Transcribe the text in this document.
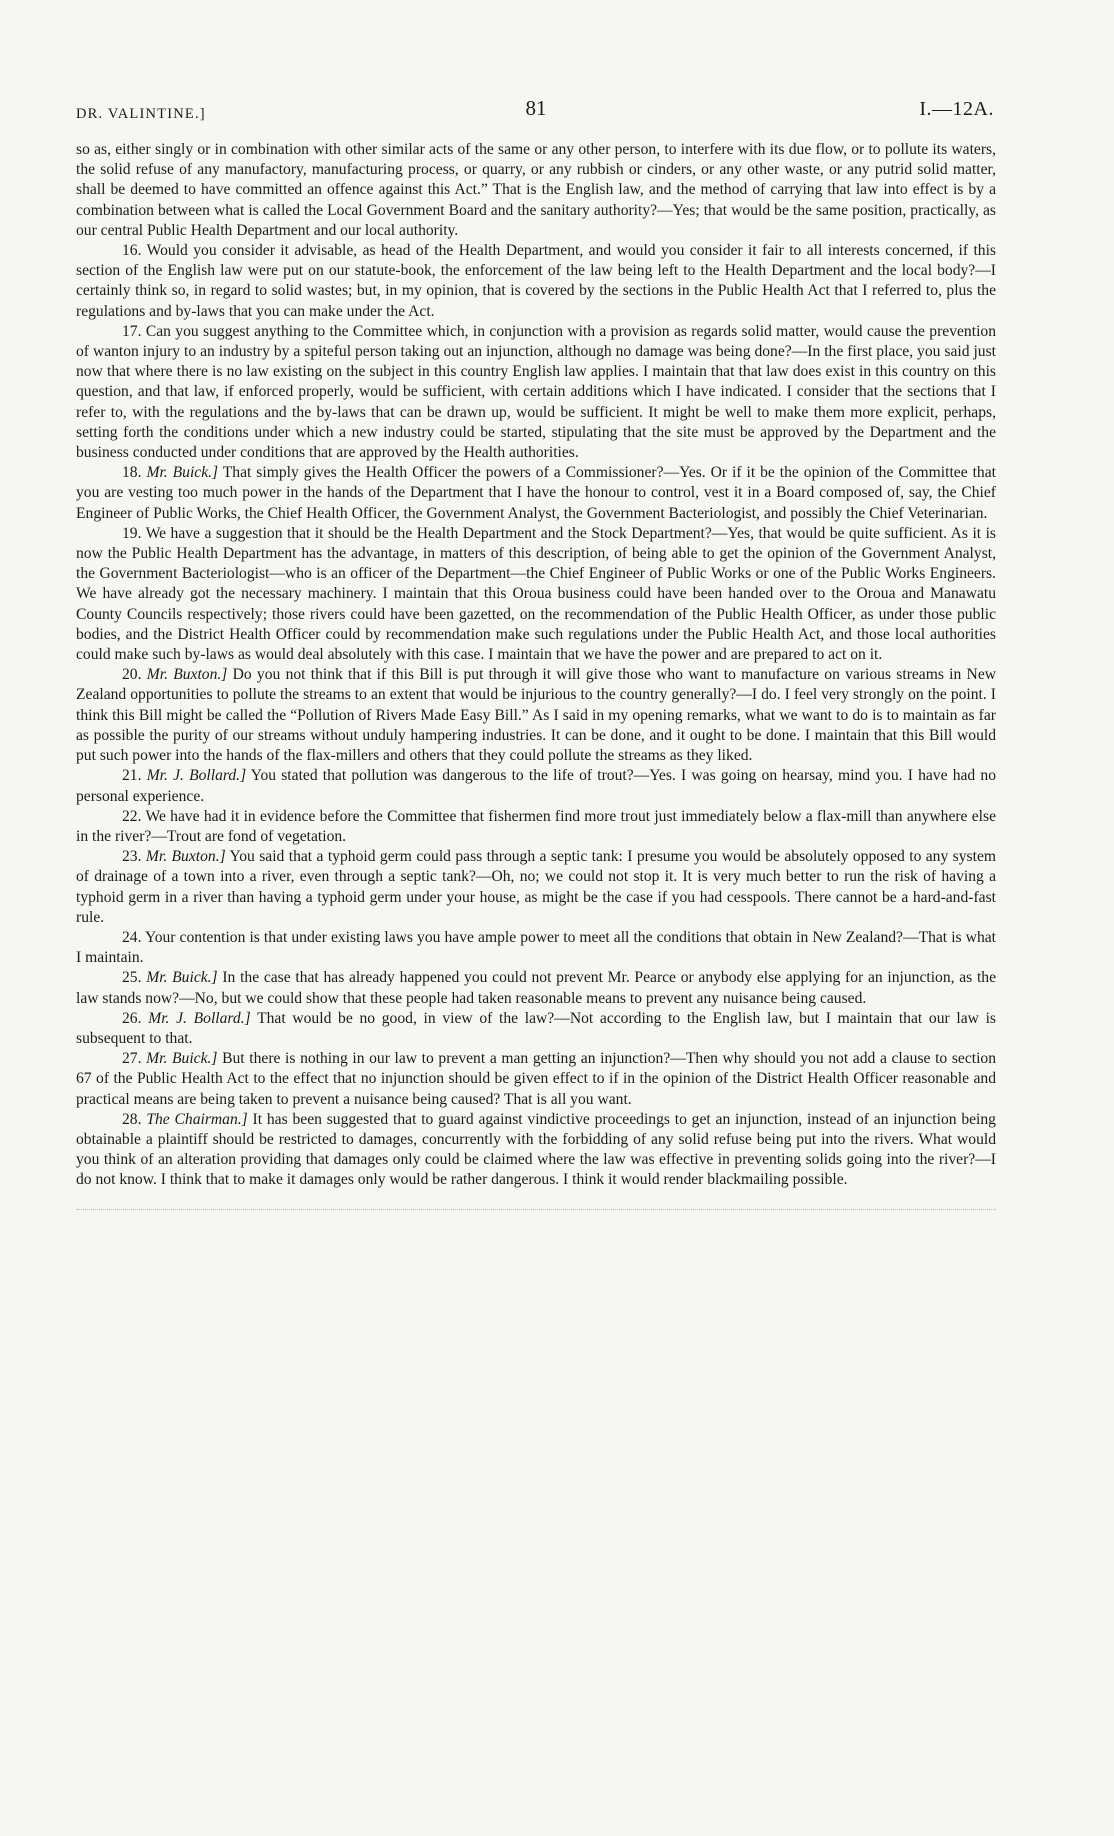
DR. VALINTINE.]	81	I.—12A.

so as, either singly or in combination with other similar acts of the same or any other person, to interfere with its due flow, or to pollute its waters, the solid refuse of any manufactory, manufacturing process, or quarry, or any rubbish or cinders, or any other waste, or any putrid solid matter, shall be deemed to have committed an offence against this Act.” That is the English law, and the method of carrying that law into effect is by a combination between what is called the Local Government Board and the sanitary authority?—Yes; that would be the same position, practically, as our central Public Health Department and our local authority.

16. Would you consider it advisable, as head of the Health Department, and would you consider it fair to all interests concerned, if this section of the English law were put on our statute-book, the enforcement of the law being left to the Health Department and the local body?—I certainly think so, in regard to solid wastes; but, in my opinion, that is covered by the sections in the Public Health Act that I referred to, plus the regulations and by-laws that you can make under the Act.

17. Can you suggest anything to the Committee which, in conjunction with a provision as regards solid matter, would cause the prevention of wanton injury to an industry by a spiteful person taking out an injunction, although no damage was being done?—In the first place, you said just now that where there is no law existing on the subject in this country English law applies. I maintain that that law does exist in this country on this question, and that law, if enforced properly, would be sufficient, with certain additions which I have indicated. I consider that the sections that I refer to, with the regulations and the by-laws that can be drawn up, would be sufficient. It might be well to make them more explicit, perhaps, setting forth the conditions under which a new industry could be started, stipulating that the site must be approved by the Department and the business conducted under conditions that are approved by the Health authorities.

18. Mr. Buick.] That simply gives the Health Officer the powers of a Commissioner?—Yes. Or if it be the opinion of the Committee that you are vesting too much power in the hands of the Department that I have the honour to control, vest it in a Board composed of, say, the Chief Engineer of Public Works, the Chief Health Officer, the Government Analyst, the Government Bacteriologist, and possibly the Chief Veterinarian.

19. We have a suggestion that it should be the Health Department and the Stock Department?—Yes, that would be quite sufficient. As it is now the Public Health Department has the advantage, in matters of this description, of being able to get the opinion of the Government Analyst, the Government Bacteriologist—who is an officer of the Department—the Chief Engineer of Public Works or one of the Public Works Engineers. We have already got the necessary machinery. I maintain that this Oroua business could have been handed over to the Oroua and Manawatu County Councils respectively; those rivers could have been gazetted, on the recommendation of the Public Health Officer, as under those public bodies, and the District Health Officer could by recommendation make such regulations under the Public Health Act, and those local authorities could make such by-laws as would deal absolutely with this case. I maintain that we have the power and are prepared to act on it.

20. Mr. Buxton.] Do you not think that if this Bill is put through it will give those who want to manufacture on various streams in New Zealand opportunities to pollute the streams to an extent that would be injurious to the country generally?—I do. I feel very strongly on the point. I think this Bill might be called the “Pollution of Rivers Made Easy Bill.” As I said in my opening remarks, what we want to do is to maintain as far as possible the purity of our streams without unduly hampering industries. It can be done, and it ought to be done. I maintain that this Bill would put such power into the hands of the flax-millers and others that they could pollute the streams as they liked.

21. Mr. J. Bollard.] You stated that pollution was dangerous to the life of trout?—Yes. I was going on hearsay, mind you. I have had no personal experience.

22. We have had it in evidence before the Committee that fishermen find more trout just immediately below a flax-mill than anywhere else in the river?—Trout are fond of vegetation.

23. Mr. Buxton.] You said that a typhoid germ could pass through a septic tank: I presume you would be absolutely opposed to any system of drainage of a town into a river, even through a septic tank?—Oh, no; we could not stop it. It is very much better to run the risk of having a typhoid germ in a river than having a typhoid germ under your house, as might be the case if you had cesspools. There cannot be a hard-and-fast rule.

24. Your contention is that under existing laws you have ample power to meet all the conditions that obtain in New Zealand?—That is what I maintain.

25. Mr. Buick.] In the case that has already happened you could not prevent Mr. Pearce or anybody else applying for an injunction, as the law stands now?—No, but we could show that these people had taken reasonable means to prevent any nuisance being caused.

26. Mr. J. Bollard.] That would be no good, in view of the law?—Not according to the English law, but I maintain that our law is subsequent to that.

27. Mr. Buick.] But there is nothing in our law to prevent a man getting an injunction?—Then why should you not add a clause to section 67 of the Public Health Act to the effect that no injunction should be given effect to if in the opinion of the District Health Officer reasonable and practical means are being taken to prevent a nuisance being caused? That is all you want.

28. The Chairman.] It has been suggested that to guard against vindictive proceedings to get an injunction, instead of an injunction being obtainable a plaintiff should be restricted to damages, concurrently with the forbidding of any solid refuse being put into the rivers. What would you think of an alteration providing that damages only could be claimed where the law was effective in preventing solids going into the river?—I do not know. I think that to make it damages only would be rather dangerous. I think it would render blackmailing possible.
